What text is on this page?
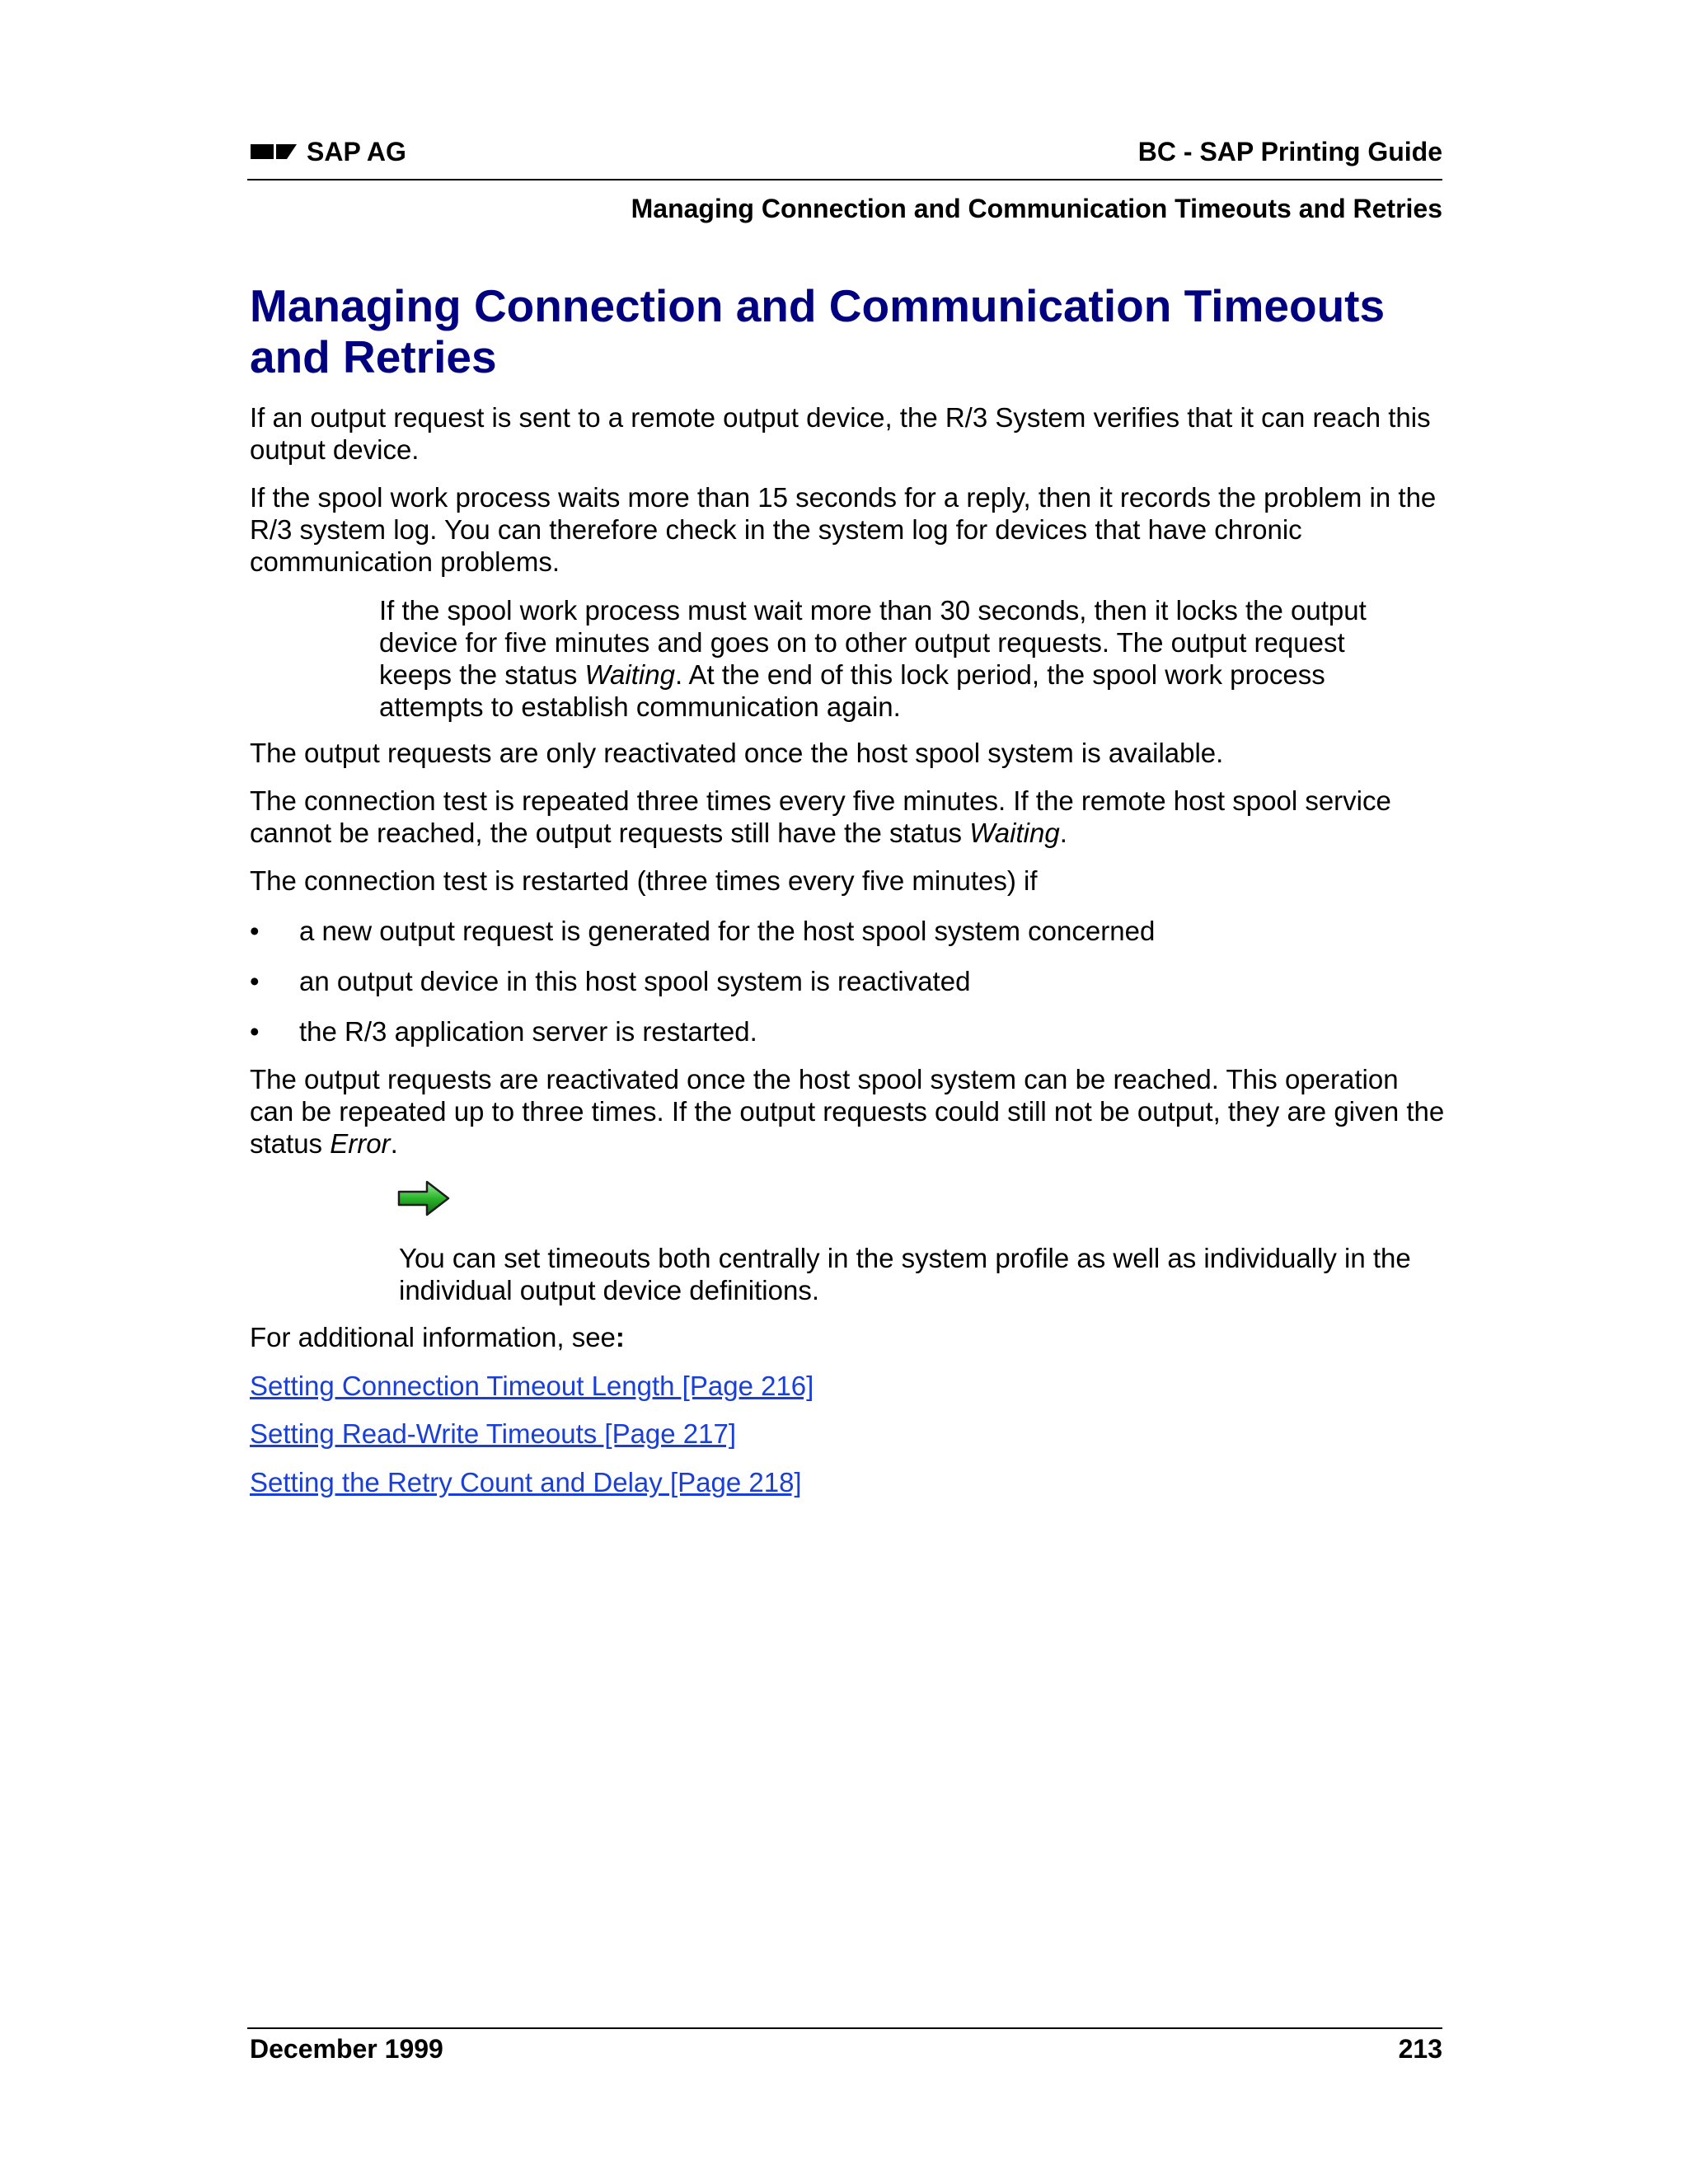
SAP AG	BC - SAP Printing Guide
Managing Connection and Communication Timeouts and Retries
Managing Connection and Communication Timeouts and Retries

If an output request is sent to a remote output device, the R/3 System verifies that it can reach this output device.

If the spool work process waits more than 15 seconds for a reply, then it records the problem in the R/3 system log. You can therefore check in the system log for devices that have chronic communication problems.

If the spool work process must wait more than 30 seconds, then it locks the output device for five minutes and goes on to other output requests. The output request keeps the status Waiting. At the end of this lock period, the spool work process attempts to establish communication again.

The output requests are only reactivated once the host spool system is available.

The connection test is repeated three times every five minutes. If the remote host spool service cannot be reached, the output requests still have the status Waiting.

The connection test is restarted (three times every five minutes) if

• a new output request is generated for the host spool system concerned
• an output device in this host spool system is reactivated
• the R/3 application server is restarted.

The output requests are reactivated once the host spool system can be reached. This operation can be repeated up to three times. If the output requests could still not be output, they are given the status Error.

You can set timeouts both centrally in the system profile as well as individually in the individual output device definitions.

For additional information, see:

Setting Connection Timeout Length [Page 216]

Setting Read-Write Timeouts [Page 217]

Setting the Retry Count and Delay [Page 218]

December 1999	213
